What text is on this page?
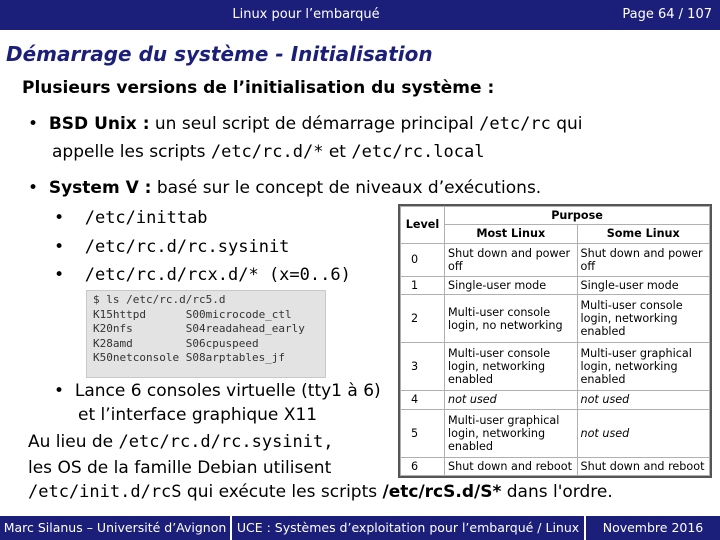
Linux pour l’embarqué	Page 64 / 107
Démarrage du système - Initialisation
Plusieurs versions de l’initialisation du système :
•  BSD Unix : un seul script de démarrage principal /etc/rc qui
appelle les scripts /etc/rc.d/* et /etc/rc.local
•  System V : basé sur le concept de niveaux d’exécutions.
•  /etc/inittab
•  /etc/rc.d/rc.sysinit
•  /etc/rc.d/rcx.d/* (x=0..6)
$ ls /etc/rc.d/rc5.d
K15httpd      S00microcode_ctl
K20nfs        S04readahead_early
K28amd        S06cpuspeed
K50netconsole S08arptables_jf
•  Lance 6 consoles virtuelle (tty1 à 6)
et l’interface graphique X11
Au lieu de /etc/rc.d/rc.sysinit,
les OS de la famille Debian utilisent
/etc/init.d/rcS qui exécute les scripts /etc/rcS.d/S* dans l'ordre.
Level	Purpose	
	Most Linux	Some Linux
0	Shut down and power off	Shut down and power off
1	Single-user mode	Single-user mode
2	Multi-user console login, no networking	Multi-user console login, networking enabled
3	Multi-user console login, networking enabled	Multi-user graphical login, networking enabled
4	not used	not used
5	Multi-user graphical login, networking enabled	not used
6	Shut down and reboot	Shut down and reboot
Marc Silanus – Université d’Avignon UCE : Systèmes d’exploitation pour l’embarqué / Linux	Novembre 2016
